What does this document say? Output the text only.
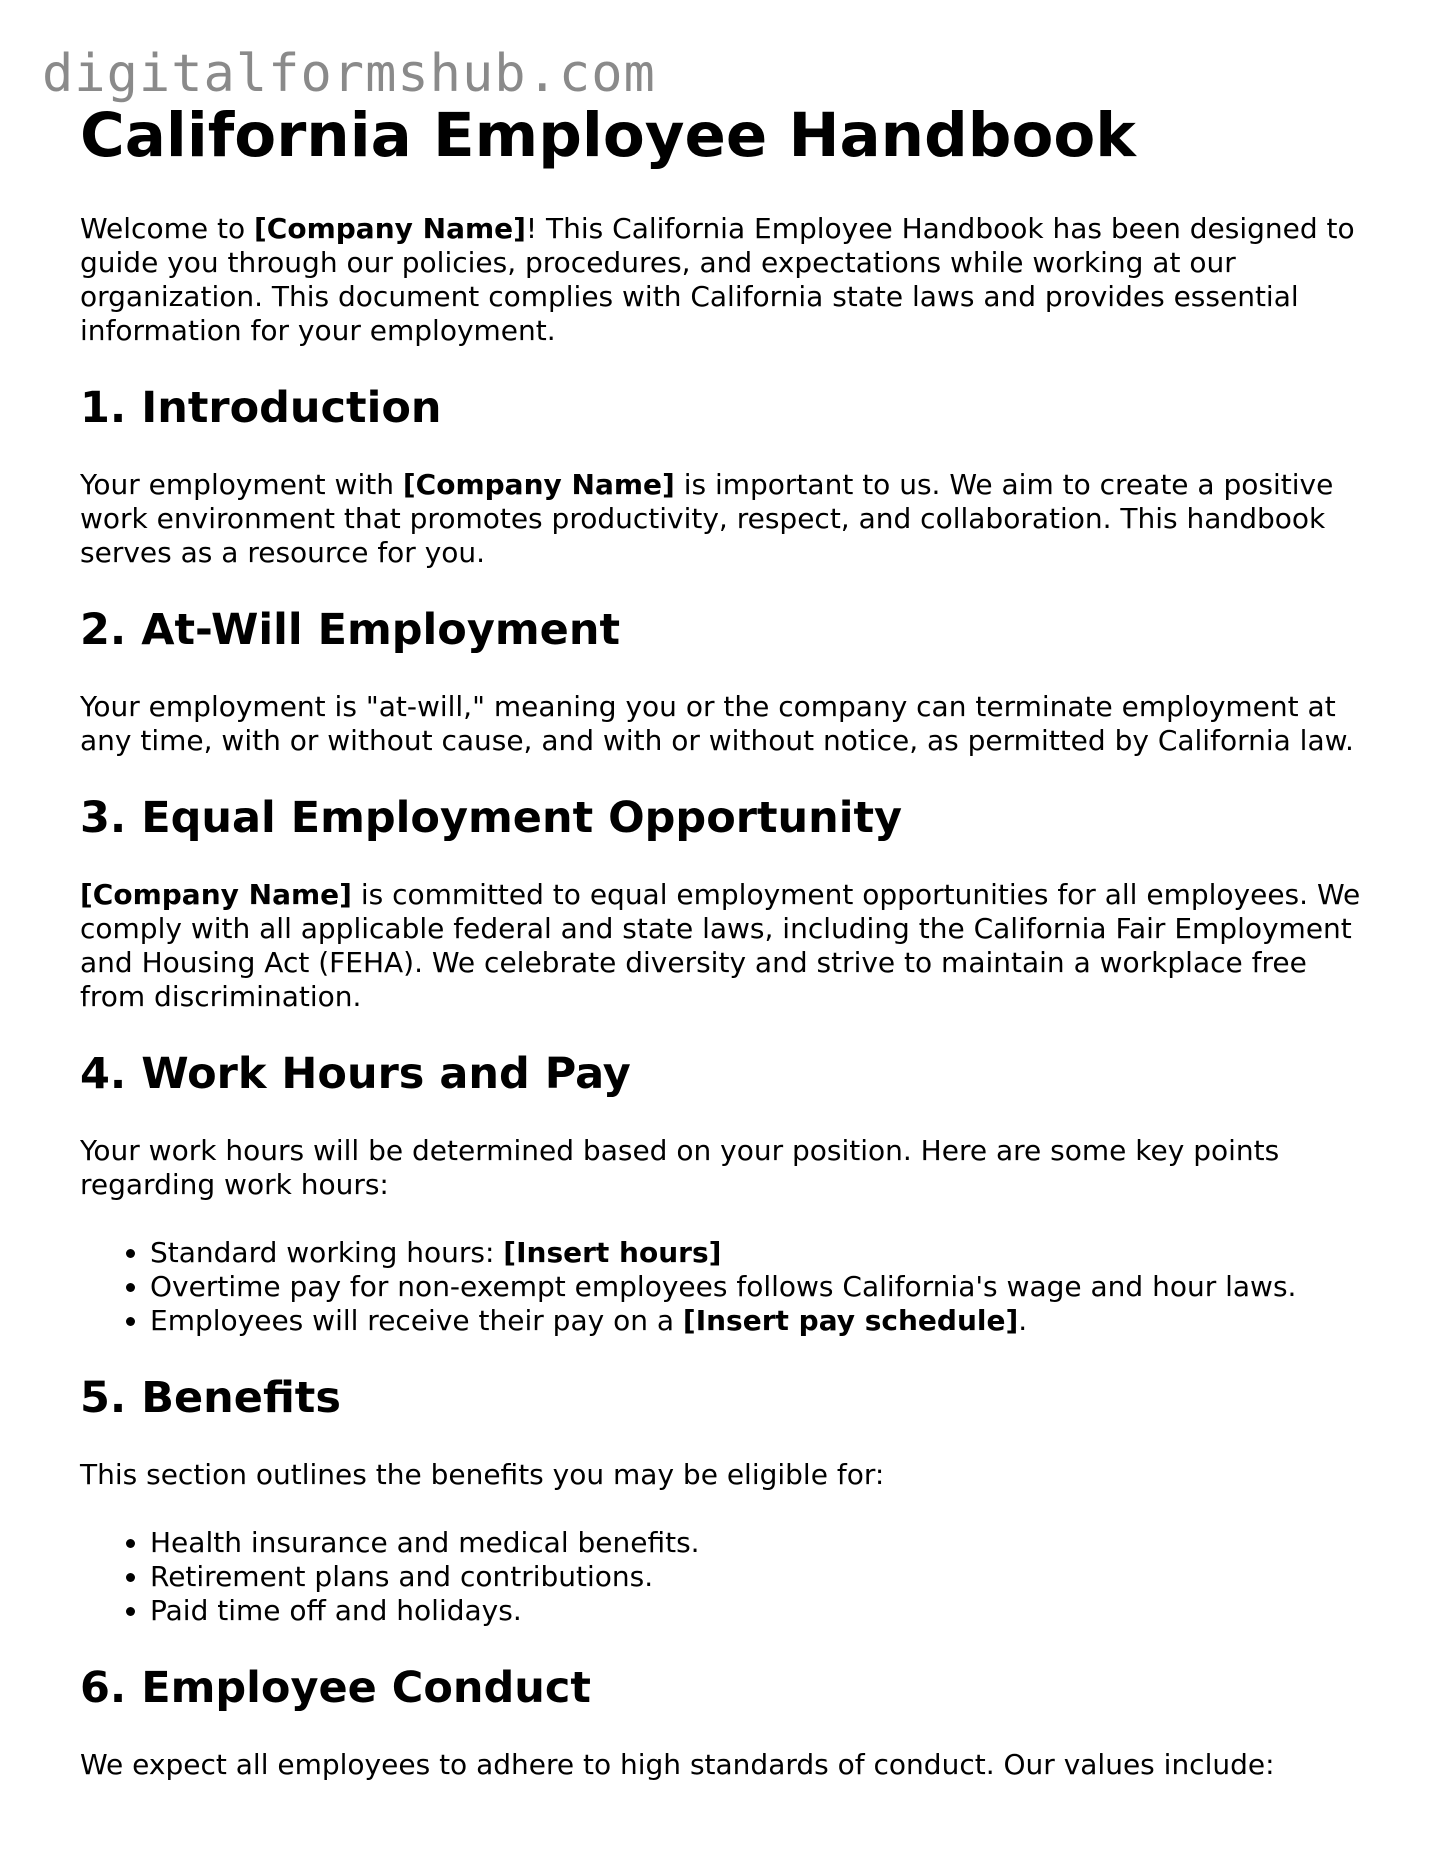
digitalformshub.com
California Employee Handbook

Welcome to [Company Name]! This California Employee Handbook has been designed to guide you through our policies, procedures, and expectations while working at our organization. This document complies with California state laws and provides essential information for your employment.

1. Introduction

Your employment with [Company Name] is important to us. We aim to create a positive work environment that promotes productivity, respect, and collaboration. This handbook serves as a resource for you.

2. At-Will Employment

Your employment is "at-will," meaning you or the company can terminate employment at any time, with or without cause, and with or without notice, as permitted by California law.

3. Equal Employment Opportunity

[Company Name] is committed to equal employment opportunities for all employees. We comply with all applicable federal and state laws, including the California Fair Employment and Housing Act (FEHA). We celebrate diversity and strive to maintain a workplace free from discrimination.

4. Work Hours and Pay

Your work hours will be determined based on your position. Here are some key points regarding work hours:

• Standard working hours: [Insert hours]
• Overtime pay for non-exempt employees follows California's wage and hour laws.
• Employees will receive their pay on a [Insert pay schedule].
5. Benefits

This section outlines the benefits you may be eligible for:

• Health insurance and medical benefits.
• Retirement plans and contributions.
• Paid time off and holidays.
6. Employee Conduct

We expect all employees to adhere to high standards of conduct. Our values include:
